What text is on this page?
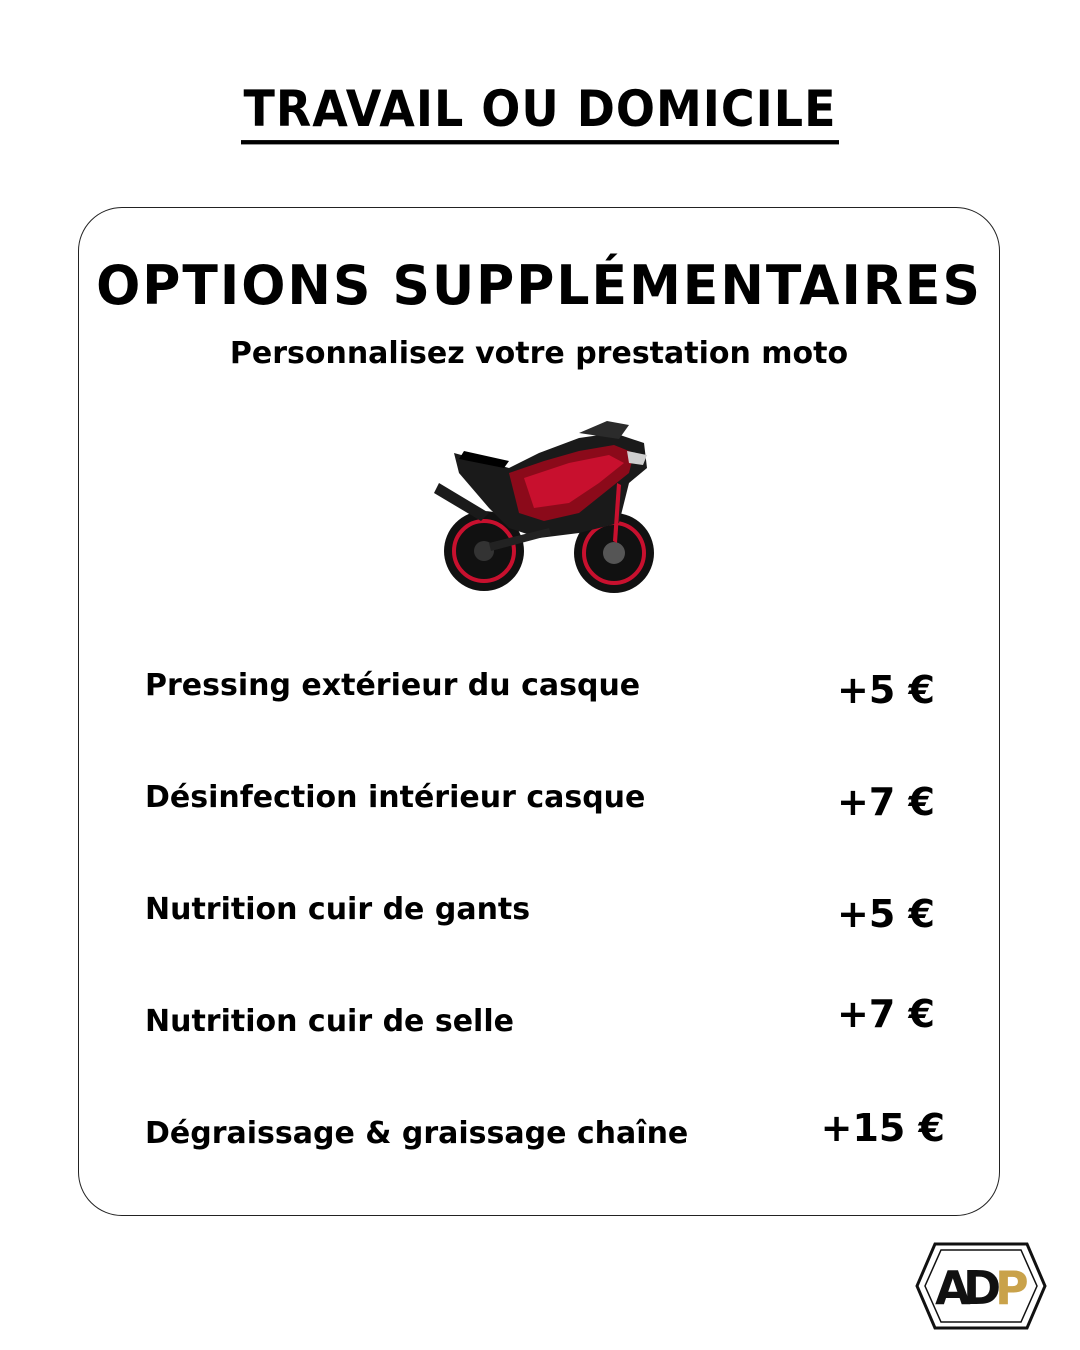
TRAVAIL OU DOMICILE
OPTIONS SUPPLÉMENTAIRES
Personnalisez votre prestation moto
Pressing extérieur du casque	+5 €
Désinfection intérieur casque	+7 €
Nutrition cuir de gants	+5 €
Nutrition cuir de selle	+7 €
Dégraissage & graissage chaîne	+15 €
A
D P
